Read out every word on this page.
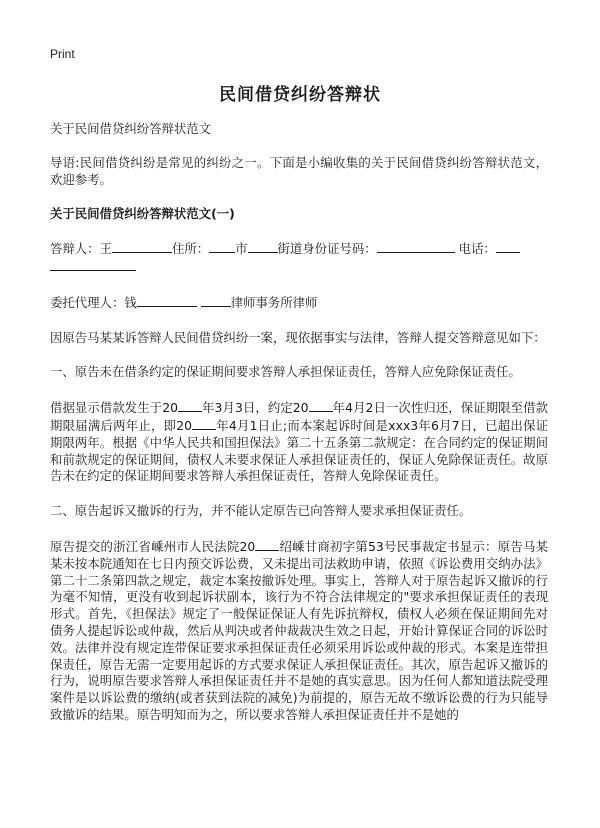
Print
民间借贷纠纷答辩状

关于民间借贷纠纷答辩状范文

导语:民间借贷纠纷是常见的纠纷之一。下面是小编收集的关于民间借贷纠纷答辩状范文，欢迎参考。

关于民间借贷纠纷答辩状范文(一)

答辩人：王	住所： 市 街道身份证号码：	电话：

委托代理人：钱	律师事务所律师

因原告马某某诉答辩人民间借贷纠纷一案，现依据事实与法律，答辩人提交答辩意见如下：

一、原告未在借条约定的保证期间要求答辩人承担保证责任，答辩人应免除保证责任。

借据显示借款发生于20 年3月3日，约定20 年4月2日一次性归还，保证期限至借款期限届满后两年止，即20 年4月1日止;而本案起诉时间是xxx3年6月7日，已超出保证期限两年。根据《中华人民共和国担保法》第二十五条第二款规定：在合同约定的保证期间和前款规定的保证期间，债权人未要求保证人承担保证责任的，保证人免除保证责任。故原告未在约定的保证期间要求答辩人承担保证责任，答辩人免除保证责任。

二、原告起诉又撤诉的行为，并不能认定原告已向答辩人要求承担保证责任。

原告提交的浙江省嵊州市人民法院20 绍嵊甘商初字第53号民事裁定书显示：原告马某某未按本院通知在七日内预交诉讼费，又未提出司法救助申请，依照《诉讼费用交纳办法》第二十二条第四款之规定，裁定本案按撤诉处理。事实上，答辩人对于原告起诉又撤诉的行为毫不知情，更没有收到起诉状副本，该行为不符合法律规定的"要求承担保证责任的表现形式。首先，《担保法》规定了一般保证保证人有先诉抗辩权，债权人必须在保证期间先对债务人提起诉讼或仲裁，然后从判决或者仲裁裁决生效之日起，开始计算保证合同的诉讼时效。法律并没有规定连带保证要求承担保证责任必须采用诉讼或仲裁的形式。本案是连带担保责任，原告无需一定要用起诉的方式要求保证人承担保证责任。其次，原告起诉又撤诉的行为，说明原告要求答辩人承担保证责任并不是她的真实意思。因为任何人都知道法院受理案件是以诉讼费的缴纳(或者获到法院的减免)为前提的，原告无故不缴诉讼费的行为只能导致撤诉的结果。原告明知而为之，所以要求答辩人承担保证责任并不是她的
